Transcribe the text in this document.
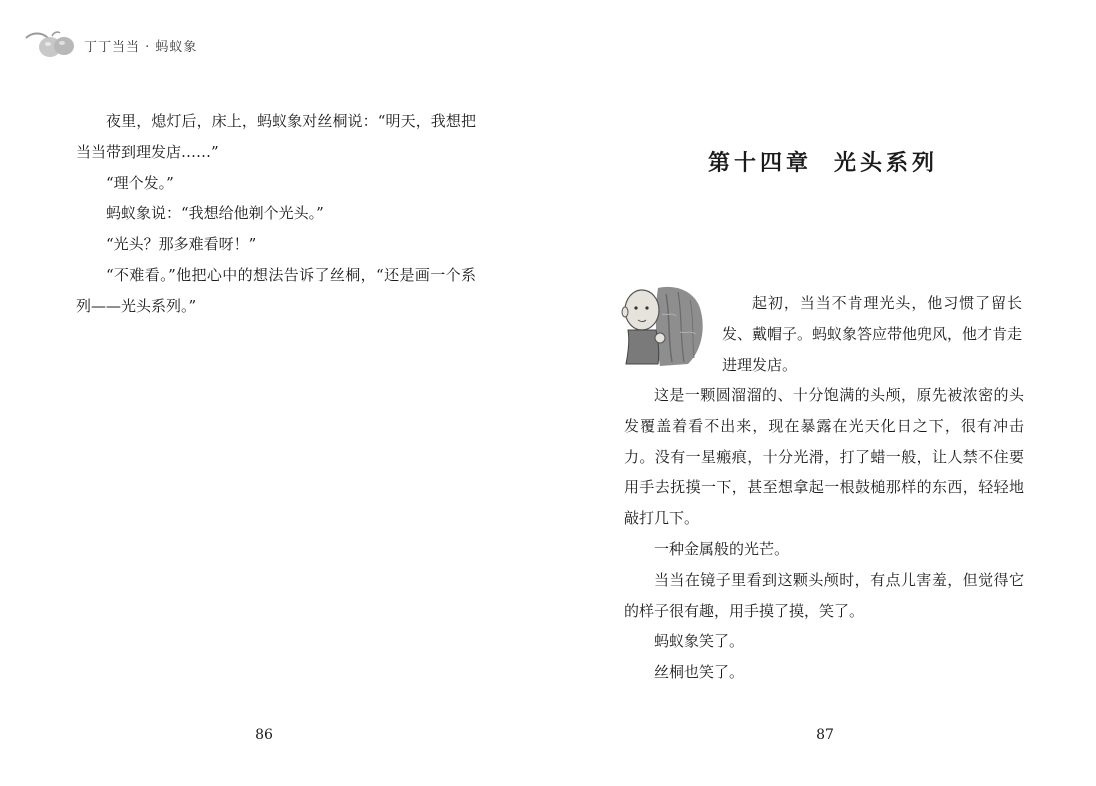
丁丁当当 · 蚂蚁象

夜里，熄灯后，床上，蚂蚁象对丝桐说：“明天，我想把当当带到理发店……”

“理个发。”

蚂蚁象说：“我想给他剃个光头。”

“光头？那多难看呀！”

“不难看。”他把心中的想法告诉了丝桐，“还是画一个系列——光头系列。”

86
第十四章 光头系列

起初，当当不肯理光头，他习惯了留长发、戴帽子。蚂蚁象答应带他兜风，他才肯走进理发店。

这是一颗圆溜溜的、十分饱满的头颅，原先被浓密的头发覆盖着看不出来，现在暴露在光天化日之下，很有冲击力。没有一星瘢痕，十分光滑，打了蜡一般，让人禁不住要用手去抚摸一下，甚至想拿起一根鼓槌那样的东西，轻轻地敲打几下。

一种金属般的光芒。

当当在镜子里看到这颗头颅时，有点儿害羞，但觉得它的样子很有趣，用手摸了摸，笑了。

蚂蚁象笑了。

丝桐也笑了。

87
